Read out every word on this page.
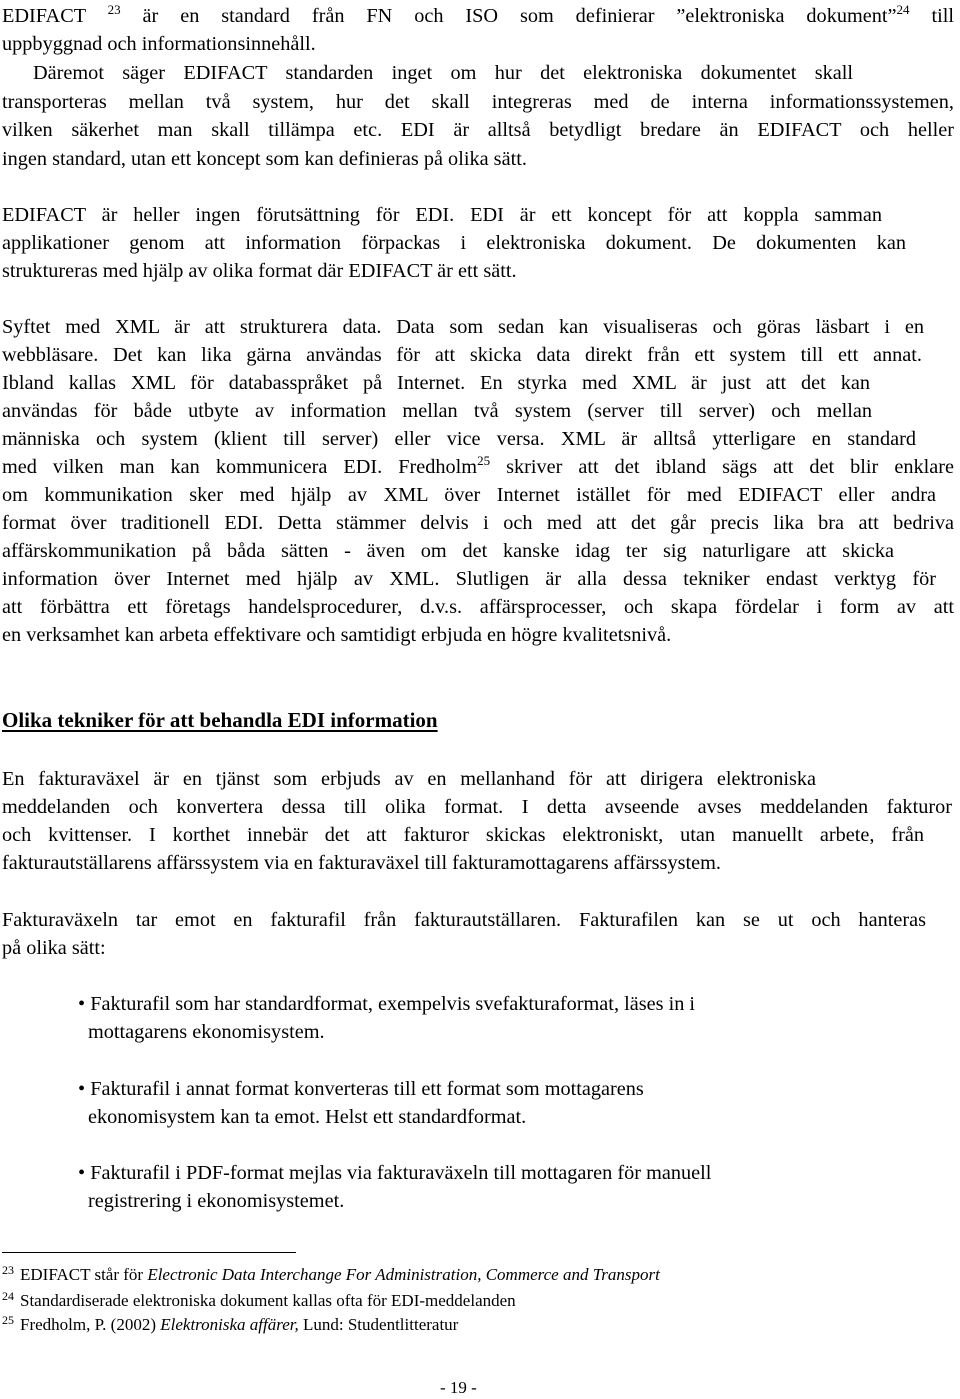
EDIFACT $^{23}$ är en standard från FN och ISO som definierar ”elektroniska dokument”$^{24}$ till
uppbyggnad och informationsinnehåll.
Däremot säger EDIFACT standarden inget om hur det elektroniska dokumentet skall
transporteras mellan två system, hur det skall integreras med de interna informationssystemen,
vilken säkerhet man skall tillämpa etc. EDI är alltså betydligt bredare än EDIFACT och heller
ingen standard, utan ett koncept som kan definieras på olika sätt.
EDIFACT är heller ingen förutsättning för EDI. EDI är ett koncept för att koppla samman
applikationer genom att information förpackas i elektroniska dokument. De dokumenten kan
struktureras med hjälp av olika format där EDIFACT är ett sätt.
Syftet med XML är att strukturera data. Data som sedan kan visualiseras och göras läsbart i en
webbläsare. Det kan lika gärna användas för att skicka data direkt från ett system till ett annat.
Ibland kallas XML för databasspråket på Internet. En styrka med XML är just att det kan
användas för både utbyte av information mellan två system (server till server) och mellan
människa och system (klient till server) eller vice versa. XML är alltså ytterligare en standard
med vilken man kan kommunicera EDI. Fredholm$^{25}$ skriver att det ibland sägs att det blir enklare
om kommunikation sker med hjälp av XML över Internet istället för med EDIFACT eller andra
format över traditionell EDI. Detta stämmer delvis i och med att det går precis lika bra att bedriva
affärskommunikation på båda sätten - även om det kanske idag ter sig naturligare att skicka
information över Internet med hjälp av XML. Slutligen är alla dessa tekniker endast verktyg för
att förbättra ett företags handelsprocedurer, d.v.s. affärsprocesser, och skapa fördelar i form av att
en verksamhet kan arbeta effektivare och samtidigt erbjuda en högre kvalitetsnivå.
Olika tekniker för att behandla EDI information
En fakturaväxel är en tjänst som erbjuds av en mellanhand för att dirigera elektroniska
meddelanden och konvertera dessa till olika format. I detta avseende avses meddelanden fakturor
och kvittenser. I korthet innebär det att fakturor skickas elektroniskt, utan manuellt arbete, från
fakturautställarens affärssystem via en fakturaväxel till fakturamottagarens affärssystem.
Fakturaväxeln tar emot en fakturafil från fakturautställaren. Fakturafilen kan se ut och hanteras
på olika sätt:
• Fakturafil som har standardformat, exempelvis svefakturaformat, läses in i
mottagarens ekonomisystem.
• Fakturafil i annat format konverteras till ett format som mottagarens
ekonomisystem kan ta emot. Helst ett standardformat.
• Fakturafil i PDF-format mejlas via fakturaväxeln till mottagaren för manuell
registrering i ekonomisystemet.
$^{23}$ EDIFACT står för Electronic Data Interchange For Administration, Commerce and Transport
$^{24}$ Standardiserade elektroniska dokument kallas ofta för EDI-meddelanden
$^{25}$ Fredholm, P. (2002) Elektroniska affärer, Lund: Studentlitteratur
- 19 -
